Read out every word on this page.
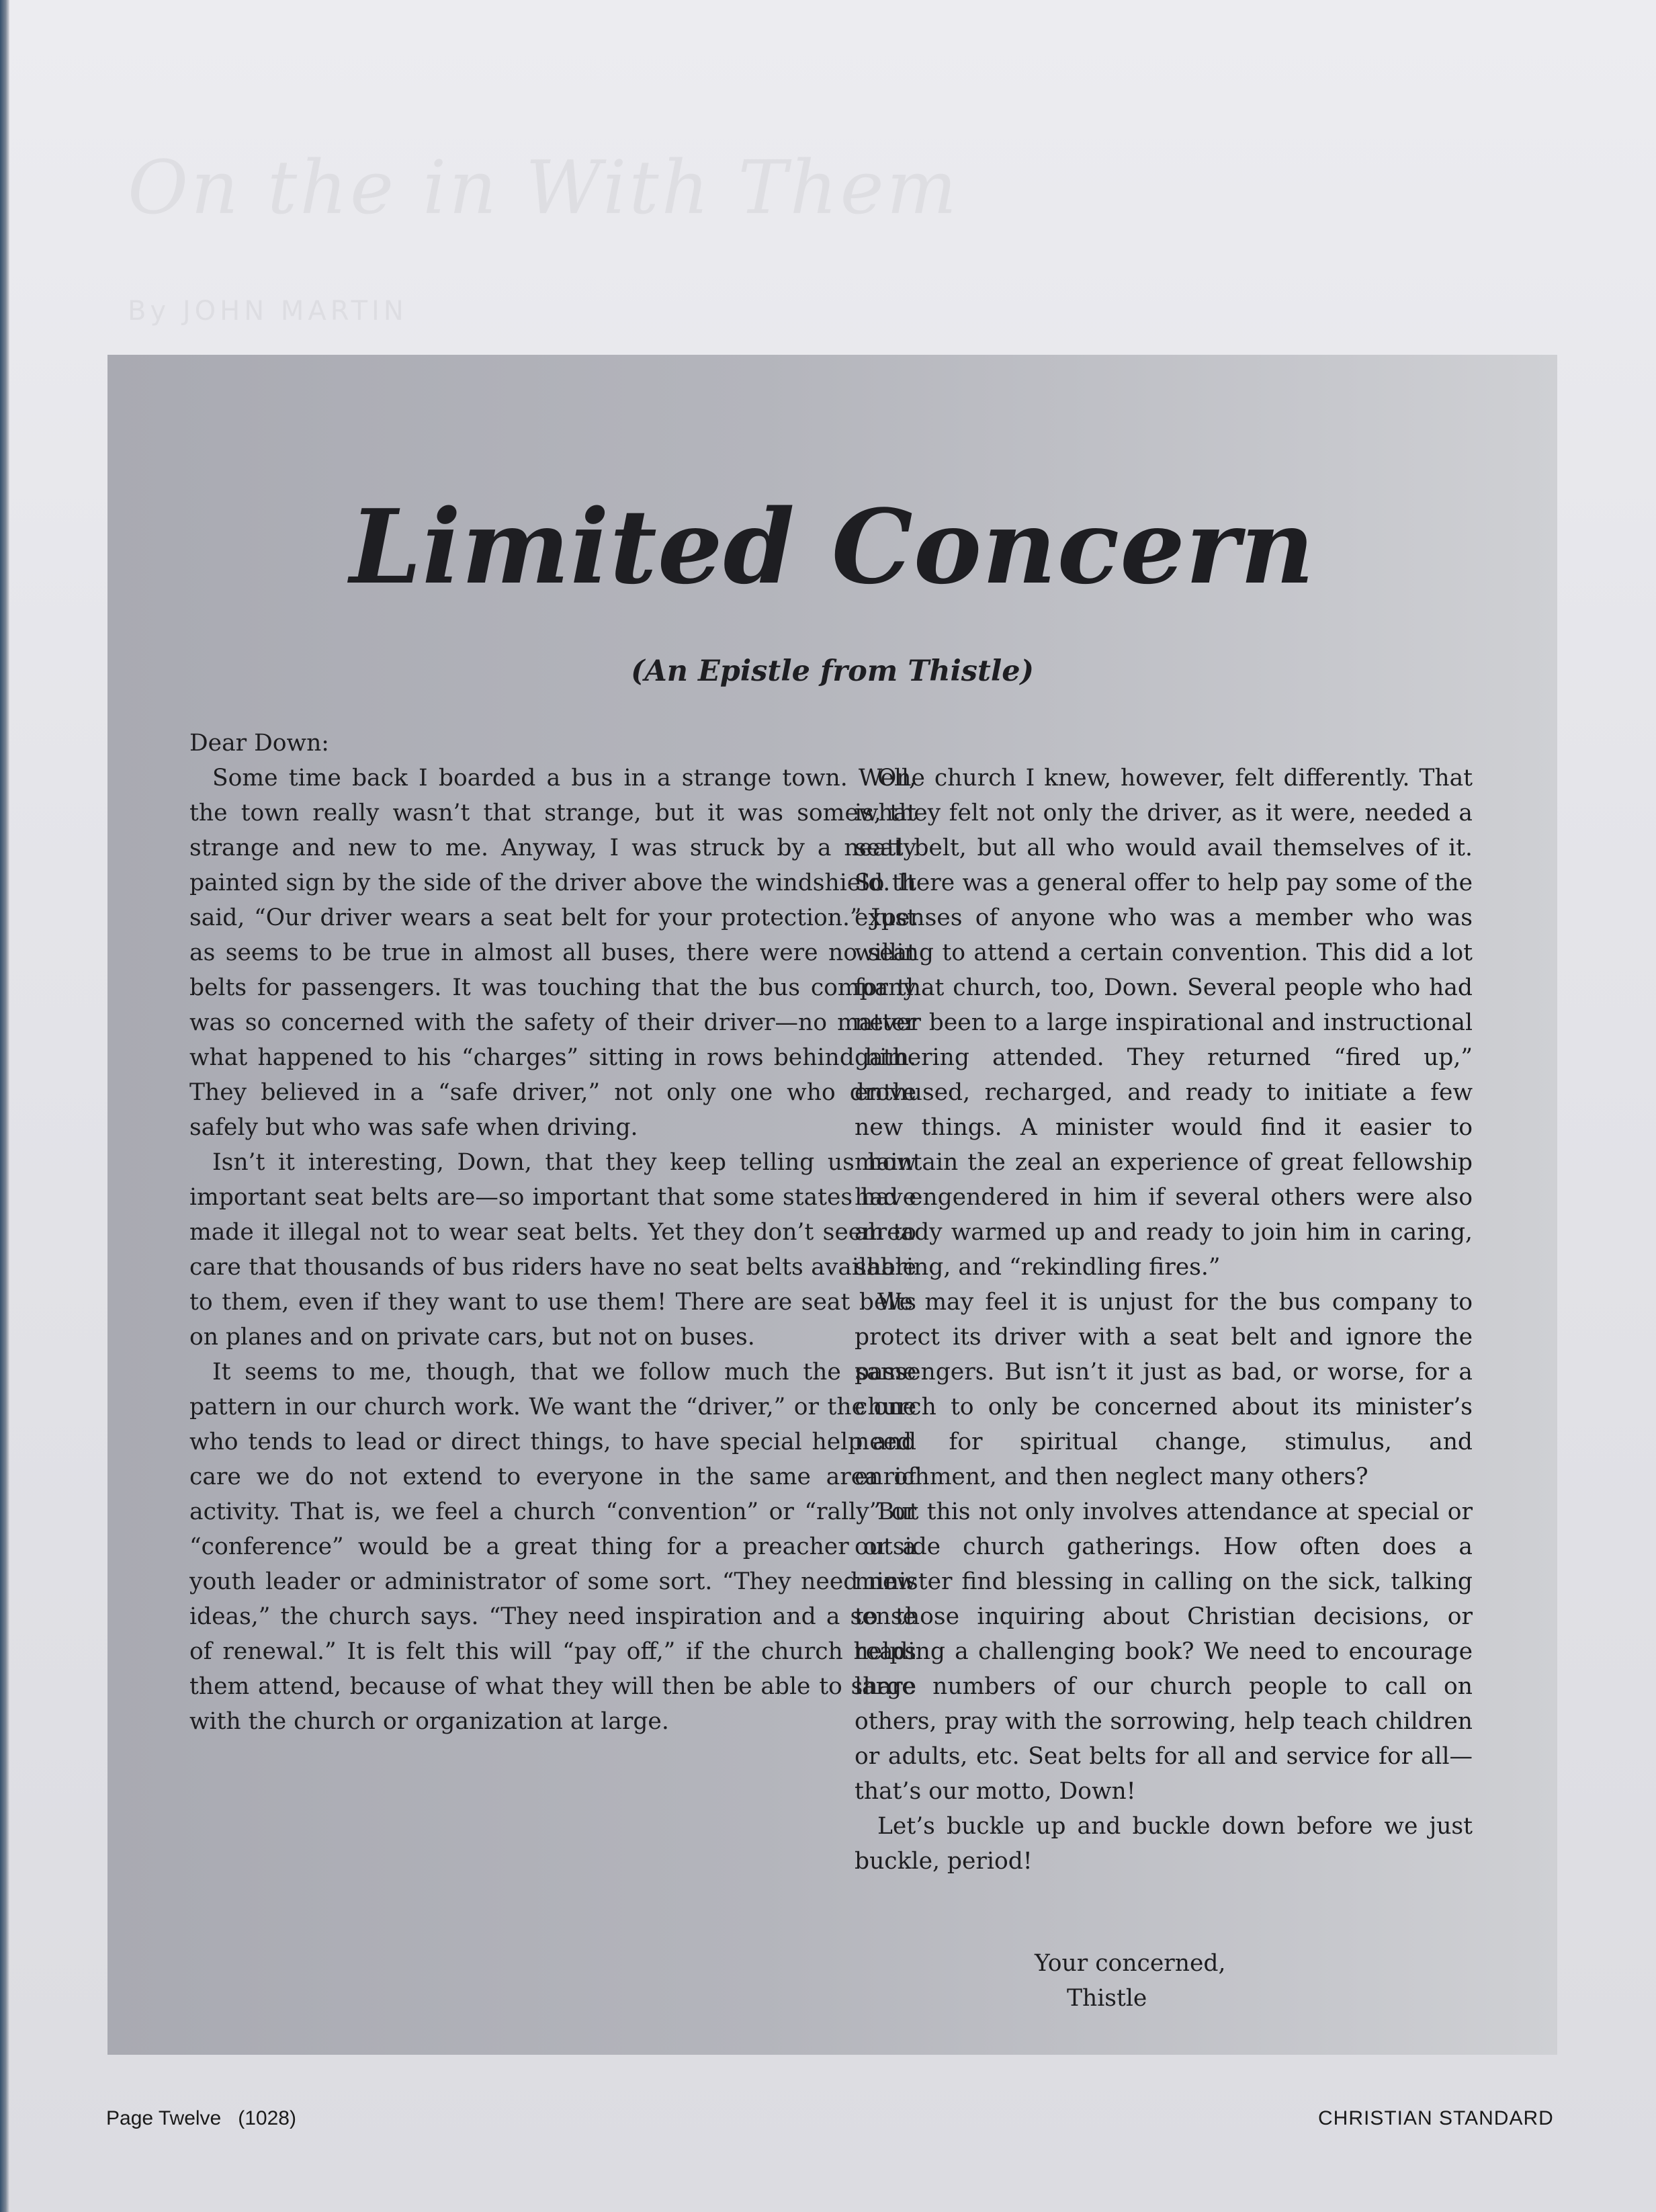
On the in With Them
By JOHN MARTIN
Limited Concern
(An Epistle from Thistle)
Dear Down:

Some time back I boarded a bus in a strange town. Well, the town really wasn’t that strange, but it was somewhat strange and new to me. Anyway, I was struck by a neatly painted sign by the side of the driver above the windshield. It said, “Our driver wears a seat belt for your protection.” Just as seems to be true in almost all buses, there were no seat belts for passengers. It was touching that the bus company was so concerned with the safety of their driver—no matter what happened to his “charges” sitting in rows behind him. They believed in a “safe driver,” not only one who drove safely but who was safe when driving.

Isn’t it interesting, Down, that they keep telling us how important seat belts are—so important that some states have made it illegal not to wear seat belts. Yet they don’t seem to care that thousands of bus riders have no seat belts available to them, even if they want to use them! There are seat belts on planes and on private cars, but not on buses.

It seems to me, though, that we follow much the same pattern in our church work. We want the “driver,” or the one who tends to lead or direct things, to have special help and care we do not extend to everyone in the same area of activity. That is, we feel a church “convention” or “rally” or “conference” would be a great thing for a preacher or a youth leader or administrator of some sort. “They need new ideas,” the church says. “They need inspiration and a sense of renewal.” It is felt this will “pay off,” if the church helps them attend, because of what they will then be able to share with the church or organization at large.

One church I knew, however, felt differently. That is, they felt not only the driver, as it were, needed a seat belt, but all who would avail themselves of it. So there was a general offer to help pay some of the expenses of anyone who was a member who was willing to attend a certain convention. This did a lot for that church, too, Down. Several people who had never been to a large inspirational and instructional gathering attended. They returned “fired up,” enthused, recharged, and ready to initiate a few new things. A minister would find it easier to maintain the zeal an experience of great fellowship had engendered in him if several others were also already warmed up and ready to join him in caring, sharing, and “rekindling fires.”

We may feel it is unjust for the bus company to protect its driver with a seat belt and ignore the passengers. But isn’t it just as bad, or worse, for a church to only be concerned about its minister’s need for spiritual change, stimulus, and enrichment, and then neglect many others?

But this not only involves attendance at special or outside church gatherings. How often does a minister find blessing in calling on the sick, talking to those inquiring about Christian decisions, or reading a challenging book? We need to encourage large numbers of our church people to call on others, pray with the sorrowing, help teach children or adults, etc. Seat belts for all and service for all—that’s our motto, Down!

Let’s buckle up and buckle down before we just buckle, period!

Your concerned,
Thistle
Page Twelve   (1028)	CHRISTIAN STANDARD
